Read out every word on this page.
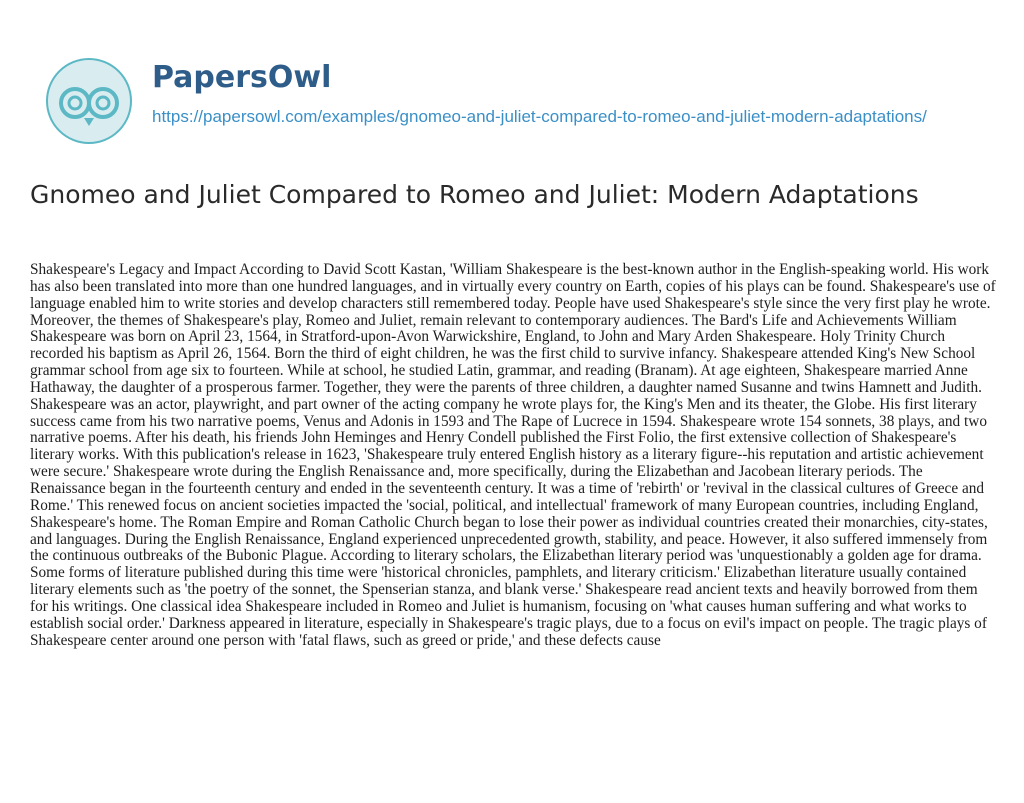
PapersOwl
https://papersowl.com/examples/gnomeo-and-juliet-compared-to-romeo-and-juliet-modern-adaptations/
Gnomeo and Juliet Compared to Romeo and Juliet: Modern Adaptations

Shakespeare's Legacy and Impact According to David Scott Kastan, 'William Shakespeare is the best-known author in the English-speaking world. His work has also been translated into more than one hundred languages, and in virtually every country on Earth, copies of his plays can be found. Shakespeare's use of language enabled him to write stories and develop characters still remembered today. People have used Shakespeare's style since the very first play he wrote. Moreover, the themes of Shakespeare's play, Romeo and Juliet, remain relevant to contemporary audiences. The Bard's Life and Achievements William Shakespeare was born on April 23, 1564, in Stratford-upon-Avon Warwickshire, England, to John and Mary Arden Shakespeare. Holy Trinity Church recorded his baptism as April 26, 1564. Born the third of eight children, he was the first child to survive infancy. Shakespeare attended King's New School grammar school from age six to fourteen. While at school, he studied Latin, grammar, and reading (Branam). At age eighteen, Shakespeare married Anne Hathaway, the daughter of a prosperous farmer. Together, they were the parents of three children, a daughter named Susanne and twins Hamnett and Judith. Shakespeare was an actor, playwright, and part owner of the acting company he wrote plays for, the King's Men and its theater, the Globe. His first literary success came from his two narrative poems, Venus and Adonis in 1593 and The Rape of Lucrece in 1594. Shakespeare wrote 154 sonnets, 38 plays, and two narrative poems. After his death, his friends John Heminges and Henry Condell published the First Folio, the first extensive collection of Shakespeare's literary works. With this publication's release in 1623, 'Shakespeare truly entered English history as a literary figure--his reputation and artistic achievement were secure.' Shakespeare wrote during the English Renaissance and, more specifically, during the Elizabethan and Jacobean literary periods. The Renaissance began in the fourteenth century and ended in the seventeenth century. It was a time of 'rebirth' or 'revival in the classical cultures of Greece and Rome.' This renewed focus on ancient societies impacted the 'social, political, and intellectual' framework of many European countries, including England, Shakespeare's home. The Roman Empire and Roman Catholic Church began to lose their power as individual countries created their monarchies, city-states, and languages. During the English Renaissance, England experienced unprecedented growth, stability, and peace. However, it also suffered immensely from the continuous outbreaks of the Bubonic Plague. According to literary scholars, the Elizabethan literary period was 'unquestionably a golden age for drama. Some forms of literature published during this time were 'historical chronicles, pamphlets, and literary criticism.' Elizabethan literature usually contained literary elements such as 'the poetry of the sonnet, the Spenserian stanza, and blank verse.' Shakespeare read ancient texts and heavily borrowed from them for his writings. One classical idea Shakespeare included in Romeo and Juliet is humanism, focusing on 'what causes human suffering and what works to establish social order.' Darkness appeared in literature, especially in Shakespeare's tragic plays, due to a focus on evil's impact on people. The tragic plays of Shakespeare center around one person with 'fatal flaws, such as greed or pride,' and these defects cause
